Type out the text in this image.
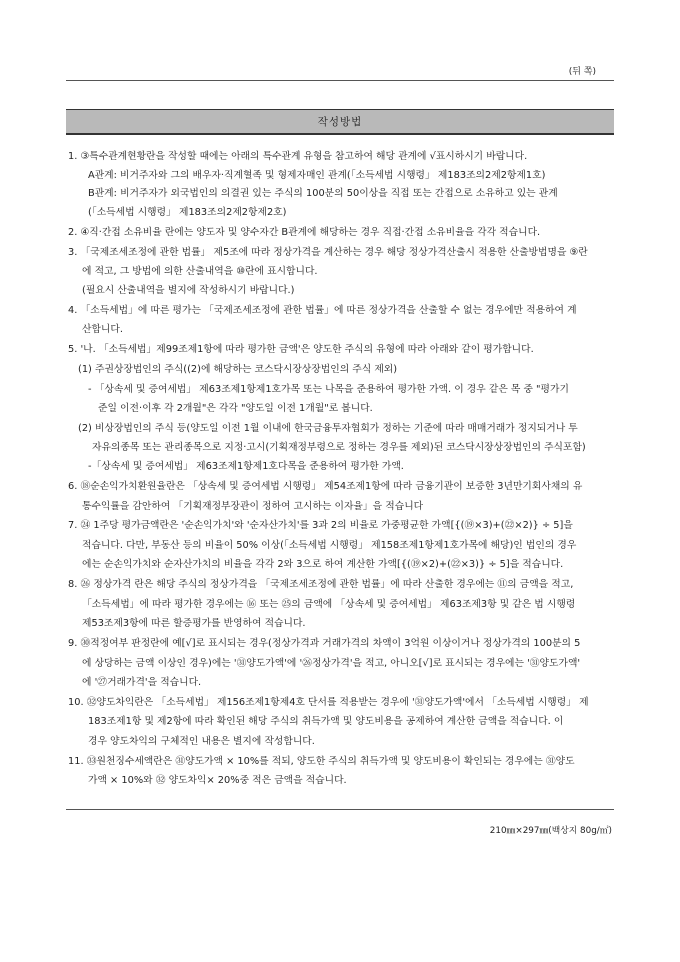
(뒤 쪽)
작성방법
1. ③특수관계현황란을 작성할 때에는 아래의 특수관계 유형을 참고하여 해당 관계에 √표시하시기 바랍니다.
A관계: 비거주자와 그의 배우자·직계혈족 및 형제자매인 관계(「소득세법 시행령」 제183조의2제2항제1호)
B관계: 비거주자가 외국법인의 의결권 있는 주식의 100분의 50이상을 직접 또는 간접으로 소유하고 있는 관계
(「소득세법 시행령」 제183조의2제2항제2호)
2. ④직·간접 소유비율 란에는 양도자 및 양수자간 B관계에 해당하는 경우 직접·간접 소유비율을 각각 적습니다.
3. 「국제조세조정에 관한 법률」 제5조에 따라 정상가격을 계산하는 경우 해당 정상가격산출시 적용한 산출방법명을 ⑨란
에 적고, 그 방법에 의한 산출내역을 ⑩란에 표시합니다.
(필요시 산출내역을 별지에 작성하시기 바랍니다.)
4. 「소득세법」에 따른 평가는 「국제조세조정에 관한 법률」에 따른 정상가격을 산출할 수 없는 경우에만 적용하여 계
산합니다.
5. '나. 「소득세법」제99조제1항에 따라 평가한 금액'은 양도한 주식의 유형에 따라 아래와 같이 평가합니다.
(1) 주권상장법인의 주식((2)에 해당하는 코스닥시장상장법인의 주식 제외)
- 「상속세 및 증여세법」 제63조제1항제1호가목 또는 나목을 준용하여 평가한 가액. 이 경우 같은 목 중 "평가기
준일 이전·이후 각 2개월"은 각각 "양도일 이전 1개월"로 봅니다.
(2) 비상장법인의 주식 등(양도일 이전 1월 이내에 한국금융투자협회가 정하는 기준에 따라 매매거래가 정지되거나 투
자유의종목 또는 관리종목으로 지정·고시(기획재정부령으로 정하는 경우를 제외)된 코스닥시장상장법인의 주식포함)
-「상속세 및 증여세법」 제63조제1항제1호다목을 준용하여 평가한 가액.
6. ⑱순손익가치환원율란은 「상속세 및 증여세법 시행령」 제54조제1항에 따라 금융기관이 보증한 3년만기회사채의 유
통수익률을 감안하여 「기획재정부장관이 정하여 고시하는 이자율」을 적습니다
7. ㉔ 1주당 평가금액란은 '순손익가치'와 '순자산가치'를 3과 2의 비율로 가중평균한 가액[{(⑲×3)+(㉒×2)} ÷ 5]을
적습니다. 다만, 부동산 등의 비율이 50% 이상(「소득세법 시행령」 제158조제1항제1호가목에 해당)인 법인의 경우
에는 순손익가치와 순자산가치의 비율을 각각 2와 3으로 하여 계산한 가액[{(⑲×2)+(㉒×3)} ÷ 5]을 적습니다.
8. ㉖ 정상가격 란은 해당 주식의 정상가격을 「국제조세조정에 관한 법률」에 따라 산출한 경우에는 ⑪의 금액을 적고,
「소득세법」에 따라 평가한 경우에는 ⑯ 또는 ㉕의 금액에 「상속세 및 증여세법」 제63조제3항 및 같은 법 시행령
제53조제3항에 따른 할증평가를 반영하여 적습니다.
9. ㉚적정여부 판정란에 예[√]로 표시되는 경우(정상가격과 거래가격의 차액이 3억원 이상이거나 정상가격의 100분의 5
에 상당하는 금액 이상인 경우)에는 '㉛양도가액'에 '㉖정상가격'을 적고, 아니오[√]로 표시되는 경우에는 '㉛양도가액'
에 '㉗거래가격'을 적습니다.
10. ㉜양도차익란은 「소득세법」 제156조제1항제4호 단서를 적용받는 경우에 '㉛양도가액'에서 「소득세법 시행령」 제
183조제1항 및 제2항에 따라 확인된 해당 주식의 취득가액 및 양도비용을 공제하여 계산한 금액을 적습니다. 이
경우 양도차익의 구체적인 내용은 별지에 작성합니다.
11. ㉝원천징수세액란은 ㉛양도가액 × 10%를 적되, 양도한 주식의 취득가액 및 양도비용이 확인되는 경우에는 ㉛양도
가액 × 10%와 ㉜ 양도차익× 20%중 적은 금액을 적습니다.
210㎜×297㎜(백상지 80g/㎡)
